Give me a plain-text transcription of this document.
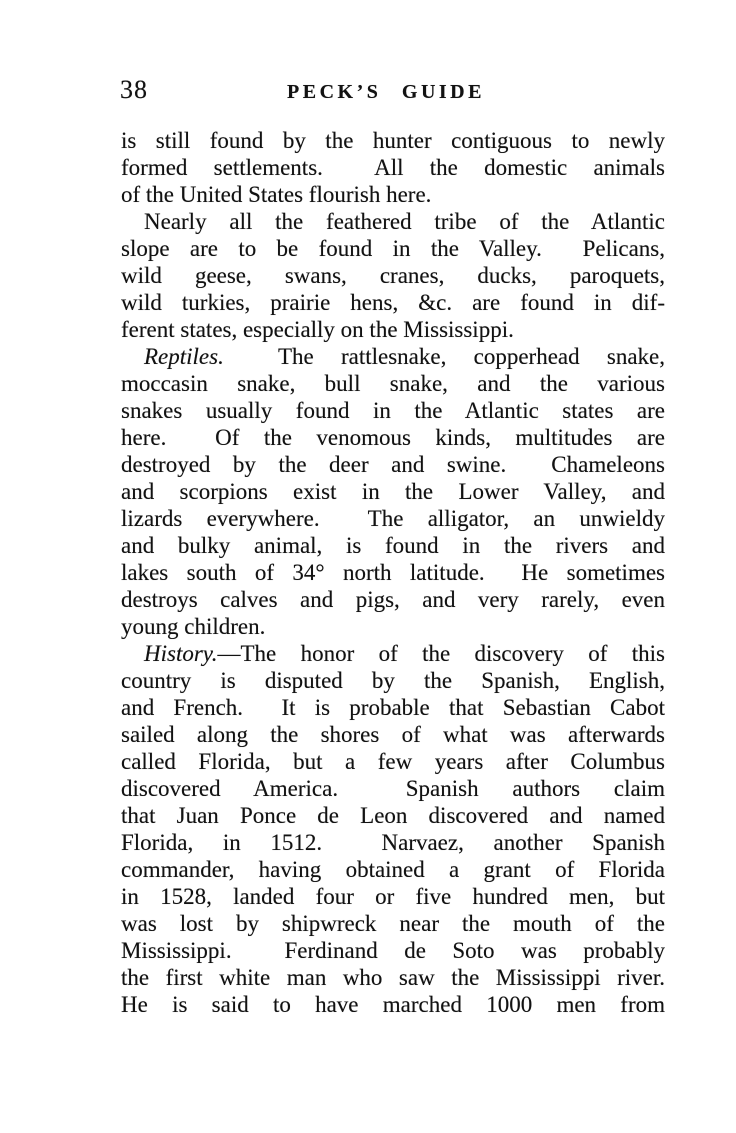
38	PECK’S GUIDE
is still found by the hunter contiguous to newly
formed settlements.  All the domestic animals
of the United States flourish here.
Nearly all the feathered tribe of the Atlantic
slope are to be found in the Valley.  Pelicans,
wild geese, swans, cranes, ducks, paroquets,
wild turkies, prairie hens, &c. are found in dif-
ferent states, especially on the Mississippi.
Reptiles.  The rattlesnake, copperhead snake,
moccasin snake, bull snake, and the various
snakes usually found in the Atlantic states are
here.  Of the venomous kinds, multitudes are
destroyed by the deer and swine.  Chameleons
and scorpions exist in the Lower Valley, and
lizards everywhere.  The alligator, an unwieldy
and bulky animal, is found in the rivers and
lakes south of 34° north latitude.  He sometimes
destroys calves and pigs, and very rarely, even
young children.
History.—The honor of the discovery of this
country is disputed by the Spanish, English,
and French.  It is probable that Sebastian Cabot
sailed along the shores of what was afterwards
called Florida, but a few years after Columbus
discovered America.  Spanish authors claim
that Juan Ponce de Leon discovered and named
Florida, in 1512.  Narvaez, another Spanish
commander, having obtained a grant of Florida
in 1528, landed four or five hundred men, but
was lost by shipwreck near the mouth of the
Mississippi.  Ferdinand de Soto was probably
the first white man who saw the Mississippi river.
He is said to have marched 1000 men from
